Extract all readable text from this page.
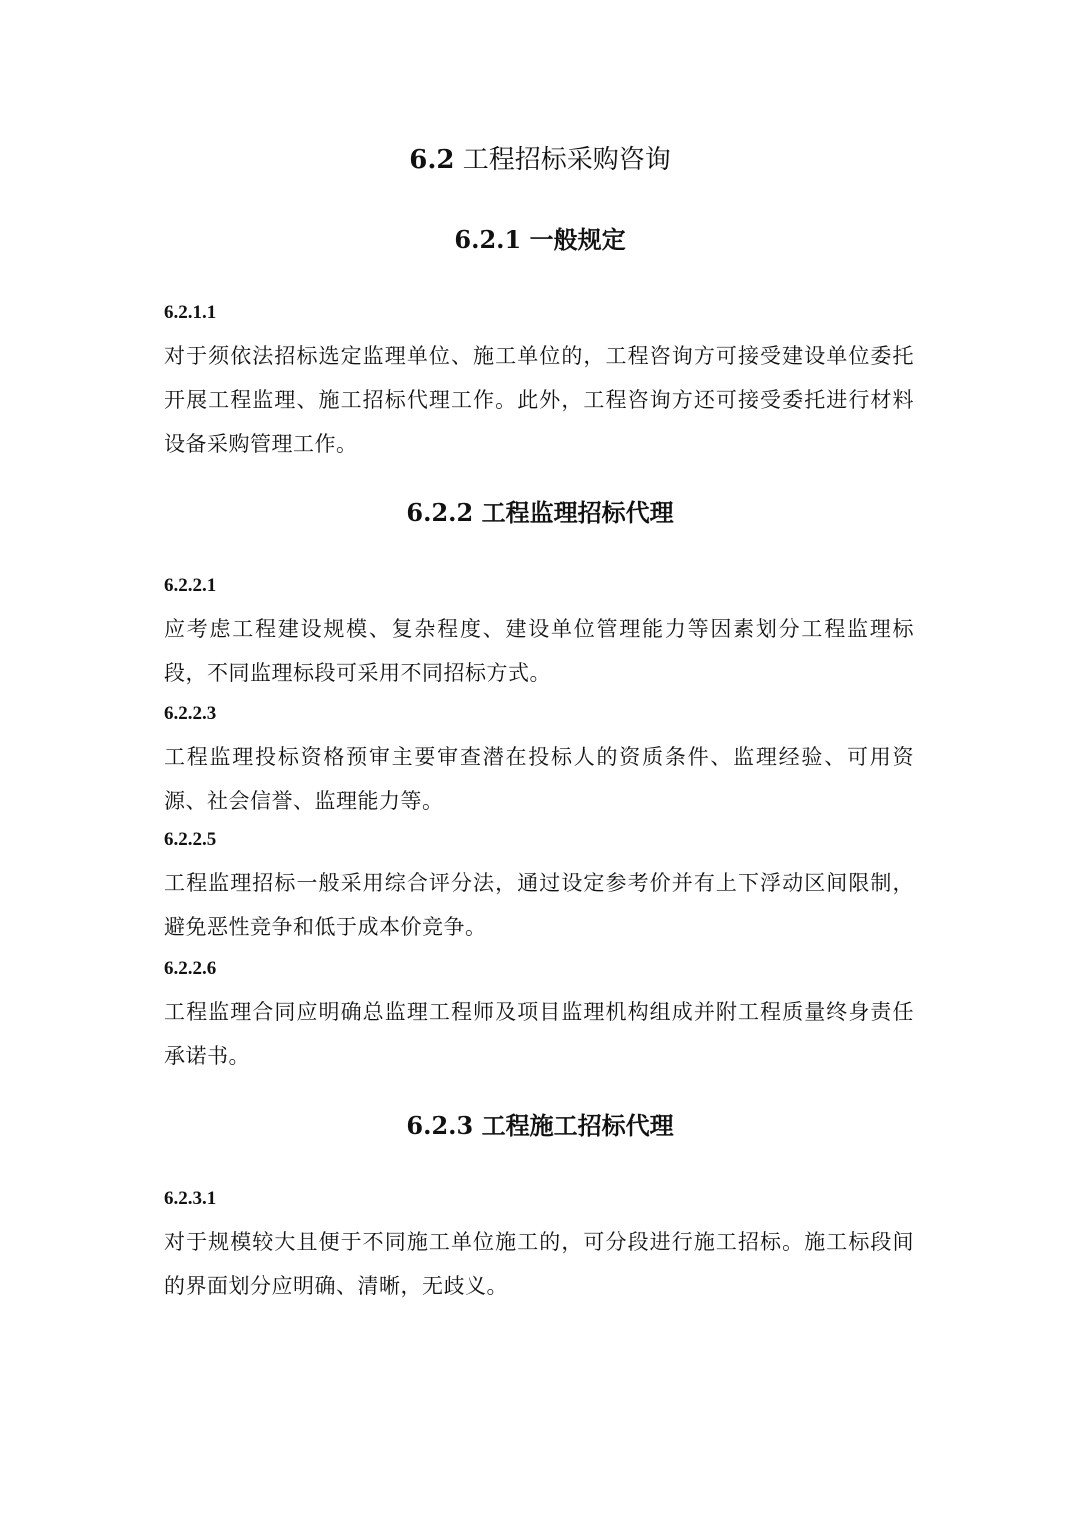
6.2 工程招标采购咨询
6.2.1 一般规定
6.2.1.1

对于须依法招标选定监理单位、施工单位的，工程咨询方可接受建设单位委托开展工程监理、施工招标代理工作。此外，工程咨询方还可接受委托进行材料设备采购管理工作。

6.2.2 工程监理招标代理
6.2.2.1

应考虑工程建设规模、复杂程度、建设单位管理能力等因素划分工程监理标段，不同监理标段可采用不同招标方式。

6.2.2.3

工程监理投标资格预审主要审查潜在投标人的资质条件、监理经验、可用资源、社会信誉、监理能力等。

6.2.2.5

工程监理招标一般采用综合评分法，通过设定参考价并有上下浮动区间限制，避免恶性竞争和低于成本价竞争。

6.2.2.6

工程监理合同应明确总监理工程师及项目监理机构组成并附工程质量终身责任承诺书。

6.2.3 工程施工招标代理
6.2.3.1

对于规模较大且便于不同施工单位施工的，可分段进行施工招标。施工标段间的界面划分应明确、清晰，无歧义。
